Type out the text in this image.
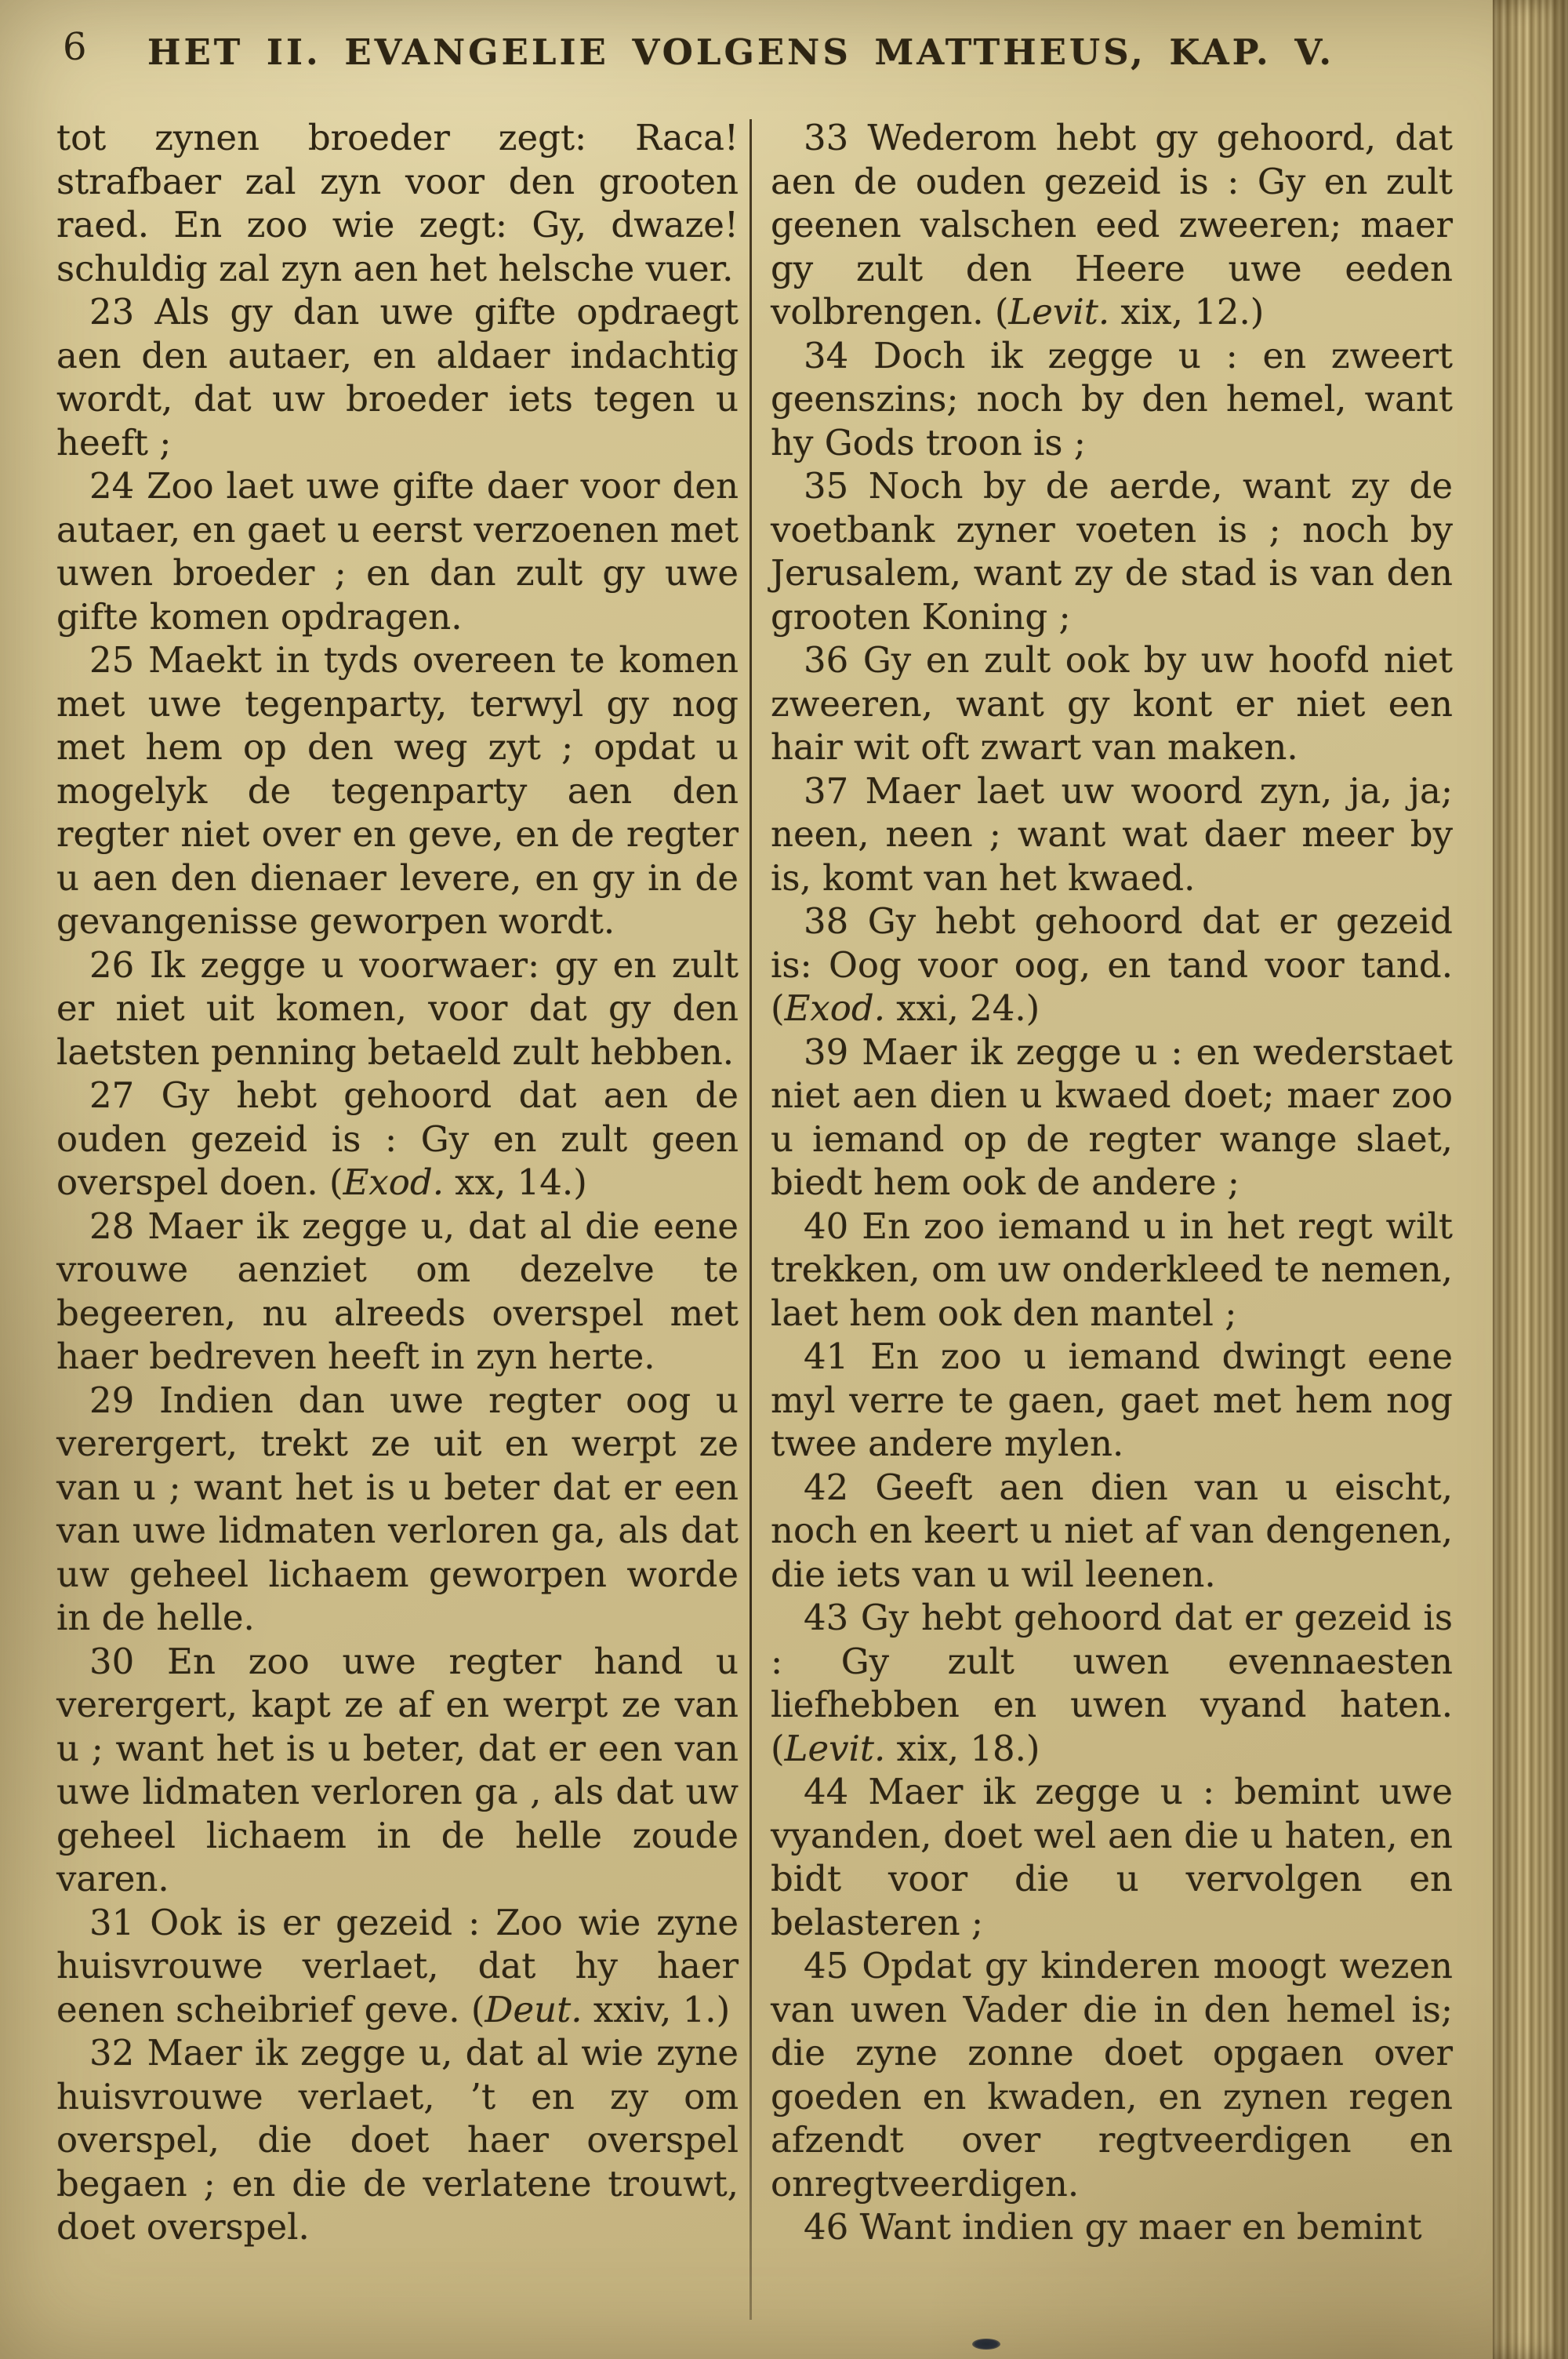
6	HET II. EVANGELIE VOLGENS MATTHEUS, KAP. V.

tot zynen broeder zegt: Raca! strafbaer zal zyn voor den grooten raed. En zoo wie zegt: Gy, dwaze! schuldig zal zyn aen het helsche vuer.

23 Als gy dan uwe gifte opdraegt aen den autaer, en aldaer indachtig wordt, dat uw broeder iets tegen u heeft ;

24 Zoo laet uwe gifte daer voor den autaer, en gaet u eerst verzoenen met uwen broeder ; en dan zult gy uwe gifte komen opdragen.

25 Maekt in tyds overeen te komen met uwe tegenparty, terwyl gy nog met hem op den weg zyt ; opdat u mogelyk de tegenparty aen den regter niet over en geve, en de regter u aen den dienaer levere, en gy in de gevangenisse geworpen wordt.

26 Ik zegge u voorwaer: gy en zult er niet uit komen, voor dat gy den laetsten penning betaeld zult hebben.

27 Gy hebt gehoord dat aen de ouden gezeid is : Gy en zult geen overspel doen. (Exod. xx, 14.)

28 Maer ik zegge u, dat al die eene vrouwe aenziet om dezelve te begeeren, nu alreeds overspel met haer bedreven heeft in zyn herte.

29 Indien dan uwe regter oog u verergert, trekt ze uit en werpt ze van u ; want het is u beter dat er een van uwe lidmaten verloren ga, als dat uw geheel lichaem geworpen worde in de helle.

30 En zoo uwe regter hand u verergert, kapt ze af en werpt ze van u ; want het is u beter, dat er een van uwe lidmaten verloren ga , als dat uw geheel lichaem in de helle zoude varen.

31 Ook is er gezeid : Zoo wie zyne huisvrouwe verlaet, dat hy haer eenen scheibrief geve. (Deut. xxiv, 1.)

32 Maer ik zegge u, dat al wie zyne huisvrouwe verlaet, ’t en zy om overspel, die doet haer overspel begaen ; en die de verlatene trouwt, doet overspel.

33 Wederom hebt gy gehoord, dat aen de ouden gezeid is : Gy en zult geenen valschen eed zweeren; maer gy zult den Heere uwe eeden volbrengen. (Levit. xix, 12.)

34 Doch ik zegge u : en zweert geenszins; noch by den hemel, want hy Gods troon is ;

35 Noch by de aerde, want zy de voetbank zyner voeten is ; noch by Jerusalem, want zy de stad is van den grooten Koning ;

36 Gy en zult ook by uw hoofd niet zweeren, want gy kont er niet een hair wit oft zwart van maken.

37 Maer laet uw woord zyn, ja, ja; neen, neen ; want wat daer meer by is, komt van het kwaed.

38 Gy hebt gehoord dat er gezeid is: Oog voor oog, en tand voor tand. (Exod. xxi, 24.)

39 Maer ik zegge u : en wederstaet niet aen dien u kwaed doet; maer zoo u iemand op de regter wange slaet, biedt hem ook de andere ;

40 En zoo iemand u in het regt wilt trekken, om uw onderkleed te nemen, laet hem ook den mantel ;

41 En zoo u iemand dwingt eene myl verre te gaen, gaet met hem nog twee andere mylen.

42 Geeft aen dien van u eischt, noch en keert u niet af van dengenen, die iets van u wil leenen.

43 Gy hebt gehoord dat er gezeid is : Gy zult uwen evennaesten liefhebben en uwen vyand haten. (Levit. xix, 18.)

44 Maer ik zegge u : bemint uwe vyanden, doet wel aen die u haten, en bidt voor die u vervolgen en belasteren ;

45 Opdat gy kinderen moogt wezen van uwen Vader die in den hemel is; die zyne zonne doet opgaen over goeden en kwaden, en zynen regen afzendt over regtveerdigen en onregtveerdigen.

46 Want indien gy maer en bemint
